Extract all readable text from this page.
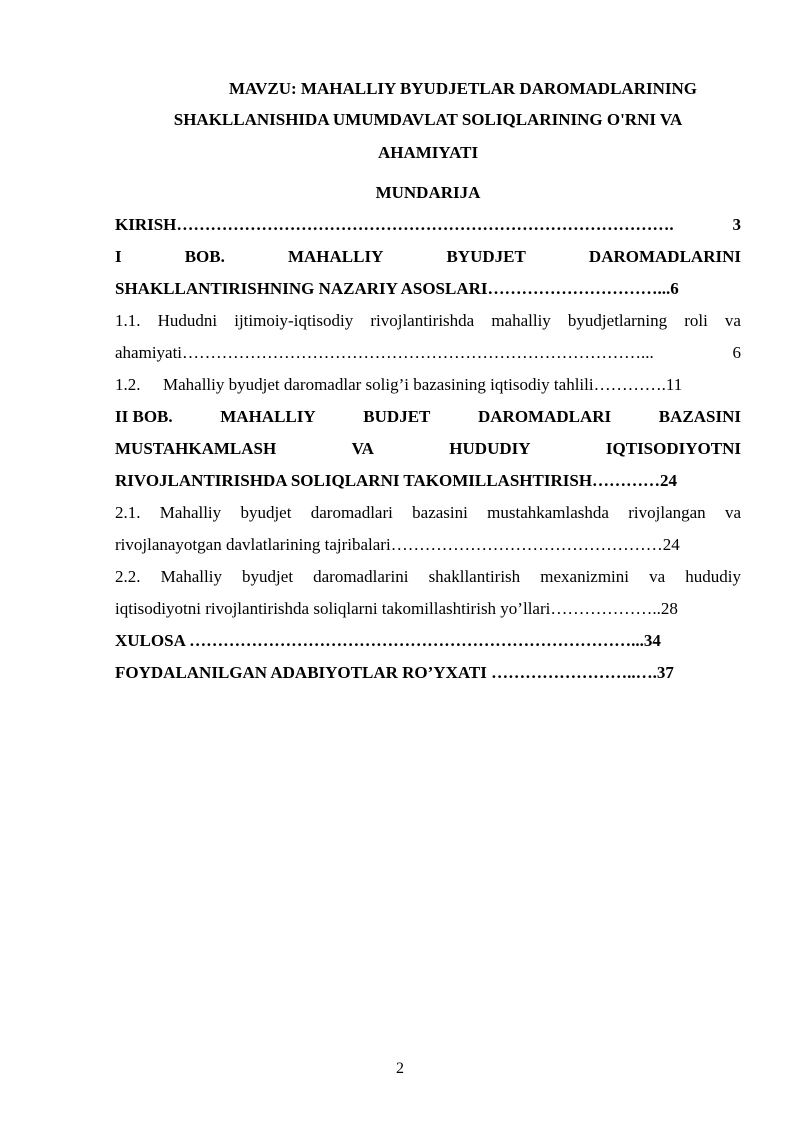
MAVZU: MAHALLIY BYUDJETLAR DAROMADLARINING
SHAKLLANISHIDA UMUMDAVLAT SOLIQLARINING O'RNI VA
AHAMIYATI
MUNDARIJA
KIRISH …………………………………………………………………………….	3
I	BOB.	MAHALLIY	BYUDJET	DAROMADLARINI
SHAKLLANTIRISHNING NAZARIY ASOSLARI…………………………...6
1.1. Hududni ijtimoiy-iqtisodiy rivojlantirishda mahalliy byudjetlarning roli va
ahamiyati ………………………………………………………………………...	6
1.2. Mahalliy byudjet daromadlar solig’i bazasining iqtisodiy tahlili………….11
II BOB.	MAHALLIY	BUDJET	DAROMADLARI	BAZASINI
MUSTAHKAMLASH	VA	HUDUDIY	IQTISODIYOTNI
RIVOJLANTIRISHDA SOLIQLARNI TAKOMILLASHTIRISH…………24
2.1. Mahalliy byudjet daromadlari bazasini mustahkamlashda rivojlangan va
rivojlanayotgan davlatlarining tajribalari…………………………………………24
2.2. Mahalliy byudjet daromadlarini shakllantirish mexanizmini va hududiy
iqtisodiyotni rivojlantirishda soliqlarni takomillashtirish yo’llari………………..28
XULOSA ……………………………………………………………………...34
FOYDALANILGAN ADABIYOTLAR RO’YXATI ……………………..….37
2
